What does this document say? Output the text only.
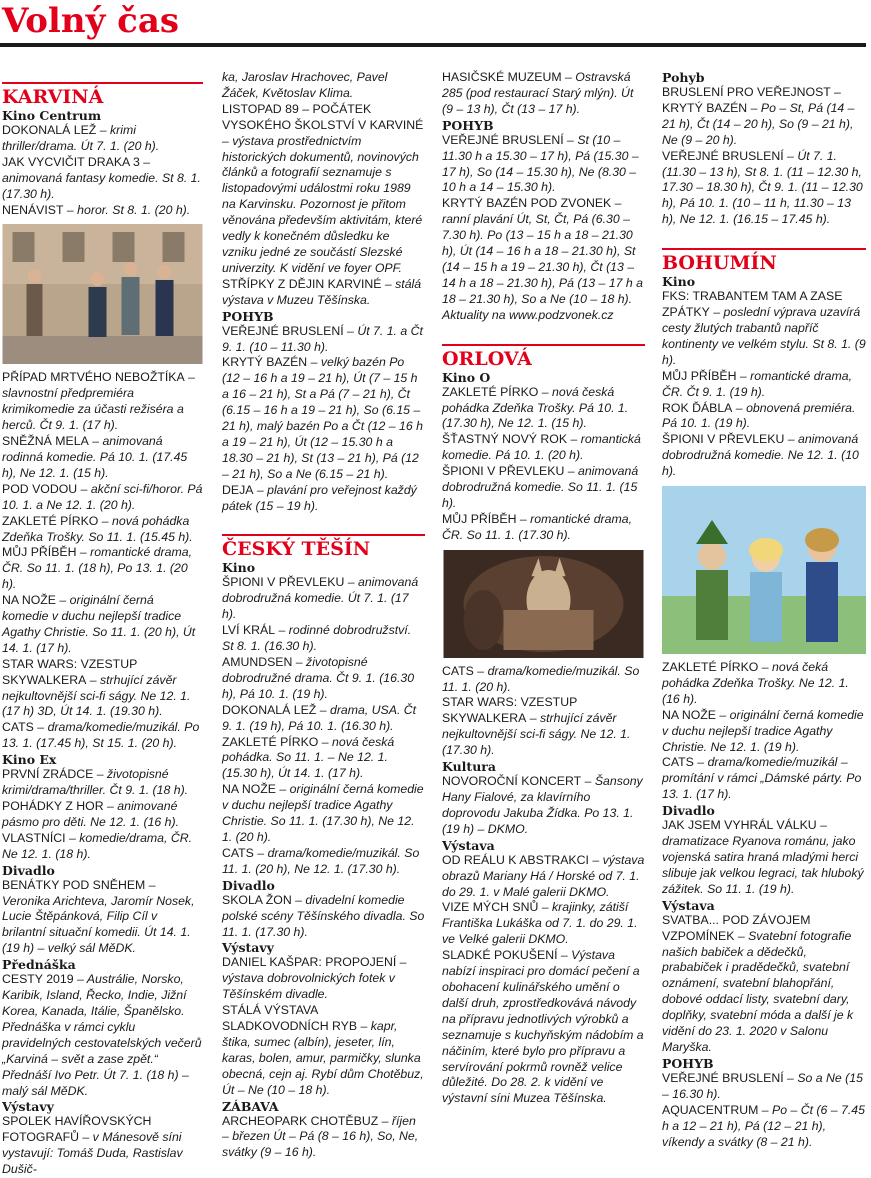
Volný čas
KARVINÁ
Kino Centrum

DOKONALÁ LEŽ – krimi thriller/drama. Út 7. 1. (20 h).

JAK VYCVIČIT DRAKA 3 – animovaná fantasy komedie. St 8. 1. (17.30 h).

NENÁVIST – horor. St 8. 1. (20 h).

PŘÍPAD MRTVÉHO NEBOŽTÍKA – slavnostní předpremiéra krimikomedie za účasti režiséra a herců. Čt 9. 1. (17 h).

SNĚŽNÁ MELA – animovaná rodinná komedie. Pá 10. 1. (17.45 h), Ne 12. 1. (15 h).

POD VODOU – akční sci-fi/horor. Pá 10. 1. a Ne 12. 1. (20 h).

ZAKLETÉ PÍRKO – nová pohádka Zdeňka Trošky. So 11. 1. (15.45 h).

MŮJ PŘÍBĚH – romantické drama, ČR. So 11. 1. (18 h), Po 13. 1. (20 h).

NA NOŽE – originální černá komedie v duchu nejlepší tradice Agathy Christie. So 11. 1. (20 h), Út 14. 1. (17 h).

STAR WARS: VZESTUP SKYWALKERA – strhující závěr nejkultovnější sci-fi ságy. Ne 12. 1. (17 h) 3D, Út 14. 1. (19.30 h).

CATS – drama/komedie/muzikál. Po 13. 1. (17.45 h), St 15. 1. (20 h).

Kino Ex

PRVNÍ ZRÁDCE – životopisné krimi/drama/thriller. Čt 9. 1. (18 h).

POHÁDKY Z HOR – animované pásmo pro děti. Ne 12. 1. (16 h).

VLASTNÍCI – komedie/drama, ČR. Ne 12. 1. (18 h).

Divadlo

BENÁTKY POD SNĚHEM – Veronika Arichteva, Jaromír Nosek, Lucie Štěpánková, Filip Cíl v brilantní situační komedii. Út 14. 1. (19 h) – velký sál MěDK.

Přednáška

CESTY 2019 – Austrálie, Norsko, Karibik, Island, Řecko, Indie, Jižní Korea, Kanada, Itálie, Španělsko. Přednáška v rámci cyklu pravidelných cestovatelských večerů „Karviná – svět a zase zpět.“ Přednáší Ivo Petr. Út 7. 1. (18 h) – malý sál MěDK.

Výstavy

SPOLEK HAVÍŘOVSKÝCH FOTOGRAFŮ – v Mánesově síni vystavují: Tomáš Duda, Rastislav Dušič-

ka, Jaroslav Hrachovec, Pavel Žáček, Květoslav Klima.

LISTOPAD 89 – POČÁTEK VYSOKÉHO ŠKOLSTVÍ V KARVINÉ – výstava prostřednictvím historických dokumentů, novinových článků a fotografií seznamuje s listopadovými událostmi roku 1989 na Karvinsku. Pozornost je přitom věnována především aktivitám, které vedly k konečném důsledku ke vzniku jedné ze součástí Slezské univerzity. K vidění ve foyer OPF.

STŘÍPKY Z DĚJIN KARVINÉ – stálá výstava v Muzeu Těšínska.

POHYB

VEŘEJNÉ BRUSLENÍ – Út 7. 1. a Čt 9. 1. (10 – 11.30 h).

KRYTÝ BAZÉN – velký bazén Po (12 – 16 h a 19 – 21 h), Út (7 – 15 h a 16 – 21 h), St a Pá (7 – 21 h), Čt (6.15 – 16 h a 19 – 21 h), So (6.15 – 21 h), malý bazén Po a Čt (12 – 16 h a 19 – 21 h), Út (12 – 15.30 h a 18.30 – 21 h), St (13 – 21 h), Pá (12 – 21 h), So a Ne (6.15 – 21 h).

DEJA – plavání pro veřejnost každý pátek (15 – 19 h).

ČESKÝ TĚŠÍN
Kino

ŠPIONI V PŘEVLEKU – animovaná dobrodružná komedie. Út 7. 1. (17 h).

LVÍ KRÁL – rodinné dobrodružství. St 8. 1. (16.30 h).

AMUNDSEN – životopisné dobrodružné drama. Čt 9. 1. (16.30 h), Pá 10. 1. (19 h).

DOKONALÁ LEŽ – drama, USA. Čt 9. 1. (19 h), Pá 10. 1. (16.30 h).

ZAKLETÉ PÍRKO – nová česká pohádka. So 11. 1. – Ne 12. 1. (15.30 h), Út 14. 1. (17 h).

NA NOŽE – originální černá komedie v duchu nejlepší tradice Agathy Christie. So 11. 1. (17.30 h), Ne 12. 1. (20 h).

CATS – drama/komedie/muzikál. So 11. 1. (20 h), Ne 12. 1. (17.30 h).

Divadlo

SKOLA ŽON – divadelní komedie polské scény Těšínského divadla. So 11. 1. (17.30 h).

Výstavy

DANIEL KAŠPAR: PROPOJENÍ – výstava dobrovolnických fotek v Těšínském divadle.

STÁLÁ VÝSTAVA SLADKOVODNÍCH RYB – kapr, štika, sumec (albín), jeseter, lín, karas, bolen, amur, parmičky, slunka obecná, cejn aj. Rybí dům Chotěbuz, Út – Ne (10 – 18 h).

ZÁBAVA

ARCHEOPARK CHOTĚBUZ – říjen – březen Út – Pá (8 – 16 h), So, Ne, svátky (9 – 16 h).

HASIČSKÉ MUZEUM – Ostravská 285 (pod restaurací Starý mlýn). Út (9 – 13 h), Čt (13 – 17 h).

POHYB

VEŘEJNÉ BRUSLENÍ – St (10 – 11.30 h a 15.30 – 17 h), Pá (15.30 – 17 h), So (14 – 15.30 h), Ne (8.30 – 10 h a 14 – 15.30 h).

KRYTÝ BAZÉN POD ZVONEK – ranní plavání Út, St, Čt, Pá (6.30 – 7.30 h). Po (13 – 15 h a 18 – 21.30 h), Út (14 – 16 h a 18 – 21.30 h), St (14 – 15 h a 19 – 21.30 h), Čt (13 – 14 h a 18 – 21.30 h), Pá (13 – 17 h a 18 – 21.30 h), So a Ne (10 – 18 h). Aktuality na www.podzvonek.cz

ORLOVÁ
Kino O

ZAKLETÉ PÍRKO – nová česká pohádka Zdeňka Trošky. Pá 10. 1. (17.30 h), Ne 12. 1. (15 h).

ŠŤASTNÝ NOVÝ ROK – romantická komedie. Pá 10. 1. (20 h).

ŠPIONI V PŘEVLEKU – animovaná dobrodružná komedie. So 11. 1. (15 h).

MŮJ PŘÍBĚH – romantické drama, ČR. So 11. 1. (17.30 h).

CATS – drama/komedie/muzikál. So 11. 1. (20 h).

STAR WARS: VZESTUP SKYWALKERA – strhující závěr nejkultovnější sci-fi ságy. Ne 12. 1. (17.30 h).

Kultura

NOVOROČNÍ KONCERT – Šansony Hany Fialové, za klavírního doprovodu Jakuba Žídka. Po 13. 1. (19 h) – DKMO.

Výstava

OD REÁLU K ABSTRAKCI – výstava obrazů Mariany Há / Horské od 7. 1. do 29. 1. v Malé galerii DKMO.

VIZE MÝCH SNŮ – krajinky, zátiší Františka Lukáška od 7. 1. do 29. 1. ve Velké galerii DKMO.

SLADKÉ POKUŠENÍ – Výstava nabízí inspiraci pro domácí pečení a obohacení kulinářského umění o další druh, zprostředkovává návody na přípravu jednotlivých výrobků a seznamuje s kuchyňským nádobím a náčiním, které bylo pro přípravu a servírování pokrmů rovněž velice důležité. Do 28. 2. k vidění ve výstavní síni Muzea Těšínska.

Pohyb

BRUSLENÍ PRO VEŘEJNOST – KRYTÝ BAZÉN – Po – St, Pá (14 – 21 h), Čt (14 – 20 h), So (9 – 21 h), Ne (9 – 20 h).

VEŘEJNÉ BRUSLENÍ – Út 7. 1. (11.30 – 13 h), St 8. 1. (11 – 12.30 h, 17.30 – 18.30 h), Čt 9. 1. (11 – 12.30 h), Pá 10. 1. (10 – 11 h, 11.30 – 13 h), Ne 12. 1. (16.15 – 17.45 h).

BOHUMÍN
Kino

FKS: TRABANTEM TAM A ZASE ZPÁTKY – poslední výprava uzavírá cesty žlutých trabantů napříč kontinenty ve velkém stylu. St 8. 1. (9 h).

MŮJ PŘÍBĚH – romantické drama, ČR. Čt 9. 1. (19 h).

ROK ĎÁBLA – obnovená premiéra. Pá 10. 1. (19 h).

ŠPIONI V PŘEVLEKU – animovaná dobrodružná komedie. Ne 12. 1. (10 h).

ZAKLETÉ PÍRKO – nová čeká pohádka Zdeňka Trošky. Ne 12. 1. (16 h).

NA NOŽE – originální černá komedie v duchu nejlepší tradice Agathy Christie. Ne 12. 1. (19 h).

CATS – drama/komedie/muzikál – promítání v rámci „Dámské párty. Po 13. 1. (17 h).

Divadlo

JAK JSEM VYHRÁL VÁLKU – dramatizace Ryanova románu, jako vojenská satira hraná mladými herci slibuje jak velkou legraci, tak hluboký zážitek. So 11. 1. (19 h).

Výstava

SVATBA... POD ZÁVOJEM VZPOMÍNEK – Svatební fotografie našich babiček a dědečků, prababiček i pradědečků, svatební oznámení, svatební blahopřání, dobové oddací listy, svatební dary, doplňky, svatební móda a další je k vidění do 23. 1. 2020 v Salonu Maryška.

POHYB

VEŘEJNÉ BRUSLENÍ – So a Ne (15 – 16.30 h).

AQUACENTRUM – Po – Čt (6 – 7.45 h a 12 – 21 h), Pá (12 – 21 h), víkendy a svátky (8 – 21 h).
